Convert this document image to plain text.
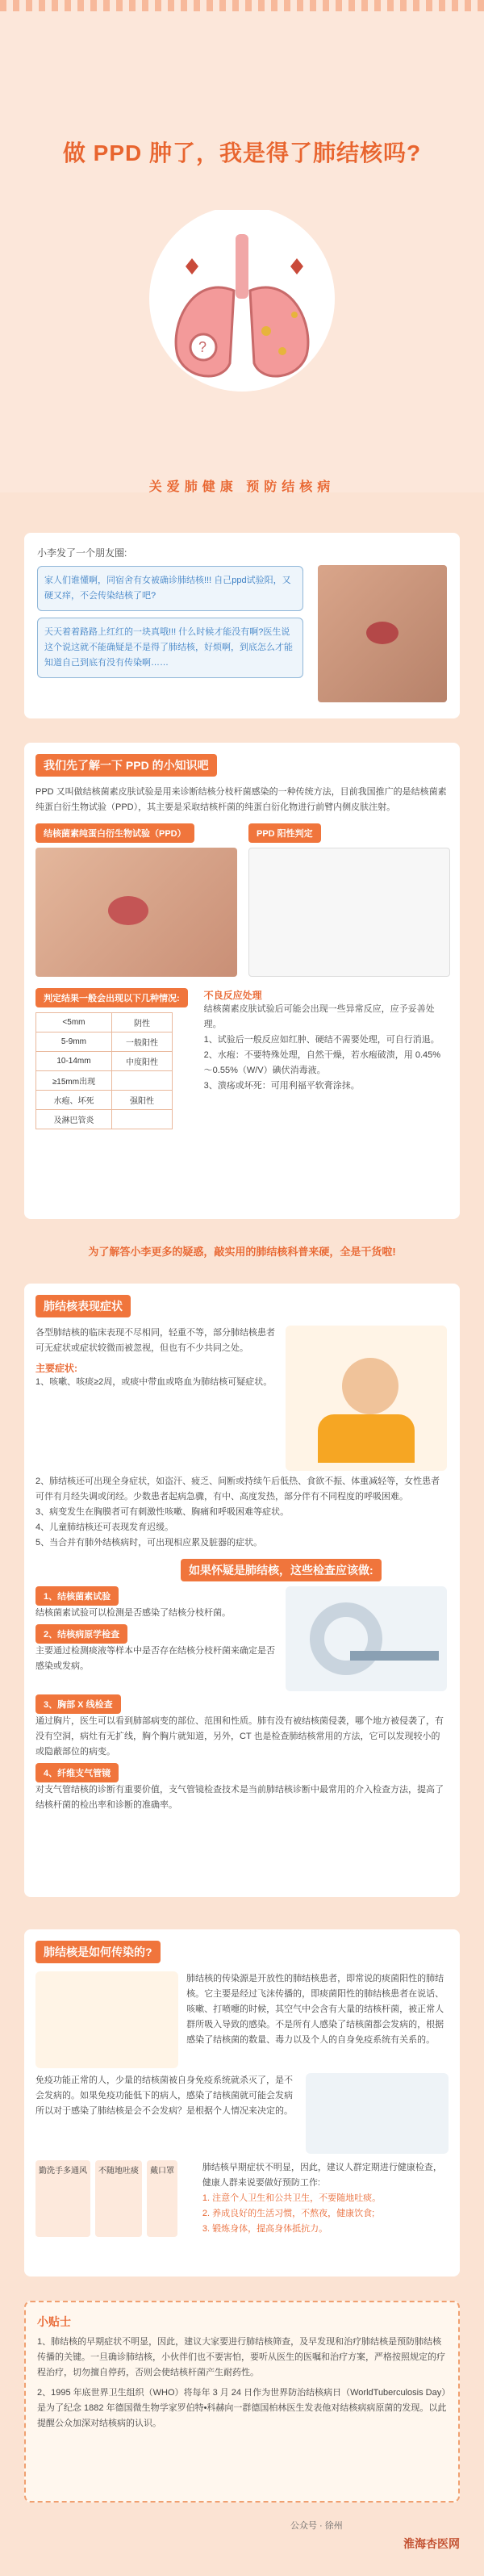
做 PPD 肿了，我是得了肺结核吗?
?
关爱肺健康 预防结核病
小李发了一个朋友圈:
家人们谁懂啊，同宿舍有女被确诊肺结核!!! 自己ppd试验阳，又硬又痒，不会传染结核了吧?
天天着着路路上红红的一块真哦!!! 什么时候才能没有啊?医生说这个说这就不能确疑是不是得了肺结核，好烦啊，到底怎么才能知道自己到底有没有传染啊……
我们先了解一下 PPD 的小知识吧
PPD 又叫做结核菌素皮肤试验是用来诊断结核分枝杆菌感染的一种传统方法，目前我国推广的是结核菌素纯蛋白衍生物试验（PPD），其主要是采取结核杆菌的纯蛋白衍化物进行前臂内侧皮肤注射。
结核菌素纯蛋白衍生物试验（PPD）	PPD 阳性判定
判定结果一般会出现以下几种情况:
<5mm	阴性
5-9mm	一般阳性
10-14mm	中度阳性
≥15mm出现	
水疱、坏死	强阳性
及淋巴管炎	
不良反应处理
结核菌素皮肤试验后可能会出现一些异常反应，应予妥善处理。
1、试验后一般反应如红肿、硬结不需要处理，可自行消退。
2、水疱：不要特殊处理，自然干燥，若水疱破溃，用 0.45%～0.55%（W/V）碘伏消毒液。
3、溃疡或坏死：可用利福平软膏涂抹。
为了解答小李更多的疑惑，敲实用的肺结核科普来硬，全是干货啦!
肺结核表现症状
各型肺结核的临床表现不尽相同，轻重不等，部分肺结核患者可无症状或症状较微而被忽视，但也有不少共同之处。
主要症状:
1、咳嗽、咳痰≥2周，或痰中带血或咯血为肺结核可疑症状。
2、肺结核还可出现全身症状，如盗汗、疲乏、间断或持续午后低热、食欲不振、体重减轻等，女性患者可伴有月经失调或闭经。少数患者起病急骤，有中、高度发热，部分伴有不同程度的呼吸困难。
3、病变发生在胸膜者可有刺激性咳嗽、胸痛和呼吸困难等症状。
4、儿童肺结核还可表现发育迟缓。
5、当合并有肺外结核病时，可出现相应累及脏器的症状。
如果怀疑是肺结核，这些检查应该做:
1、结核菌素试验
结核菌素试验可以检测是否感染了结核分枝杆菌。
2、结核病原学检查
主要通过检测痰液等样本中是否存在结核分枝杆菌来确定是否感染或发病。
3、胸部 X 线检查
通过胸片，医生可以看到肺部病变的部位、范围和性质。肺有没有被结核菌侵袭，哪个地方被侵袭了，有没有空洞，病灶有无扩线，胸个胸片就知道，另外，CT 也是检查肺结核常用的方法，它可以发现较小的或隐蔽部位的病变。
4、纤维支气管镜
对支气管结核的诊断有重要价值，支气管镜检查技术是当前肺结核诊断中最常用的介入检查方法，提高了结核杆菌的检出率和诊断的准确率。
肺结核是如何传染的?
肺结核的传染源是开放性的肺结核患者，即常说的痰菌阳性的肺结核。它主要是经过飞沫传播的，即痰菌阳性的肺结核患者在说话、咳嗽、打喷嚏的时候，其空气中会含有大量的结核杆菌，被正常人群所吸入导致的感染。不是所有人感染了结核菌都会发病的，根据感染了结核菌的数量、毒力以及个人的自身免疫系统有关系的。
免疫功能正常的人，少量的结核菌被自身免疫系统就杀灭了，是不会发病的。如果免疫功能低下的病人，感染了结核菌就可能会发病所以对于感染了肺结核是会不会发病？是根据个人情况来决定的。
勤洗手多通风	不随地吐痰	戴口罩	肺结核早期症状不明显，因此，建议人群定期进行健康检查，健康人群来说要做好预防工作:
1. 注意个人卫生和公共卫生，不要随地吐痰。
2. 养成良好的生活习惯，不熬夜，健康饮食;
3. 锻炼身体，提高身体抵抗力。
小贴士
1、肺结核的早期症状不明显，因此，建议大家要进行肺结核筛查，及早发现和治疗肺结核是预防肺结核传播的关键。一旦确诊肺结核，小伙伴们也不要害怕，要听从医生的医嘱和治疗方案，严格按照规定的疗程治疗，切勿擅自停药，否则会使结核杆菌产生耐药性。
2、1995 年底世界卫生组织（WHO）将每年 3 月 24 日作为世界防治结核病日（WorldTuberculosis Day）是为了纪念 1882 年德国微生物学家罗伯特•科赫向一群德国柏林医生发表他对结核病病原菌的发现。以此提醒公众加深对结核病的认识。
公众号 · 徐州
淮海杏医网
